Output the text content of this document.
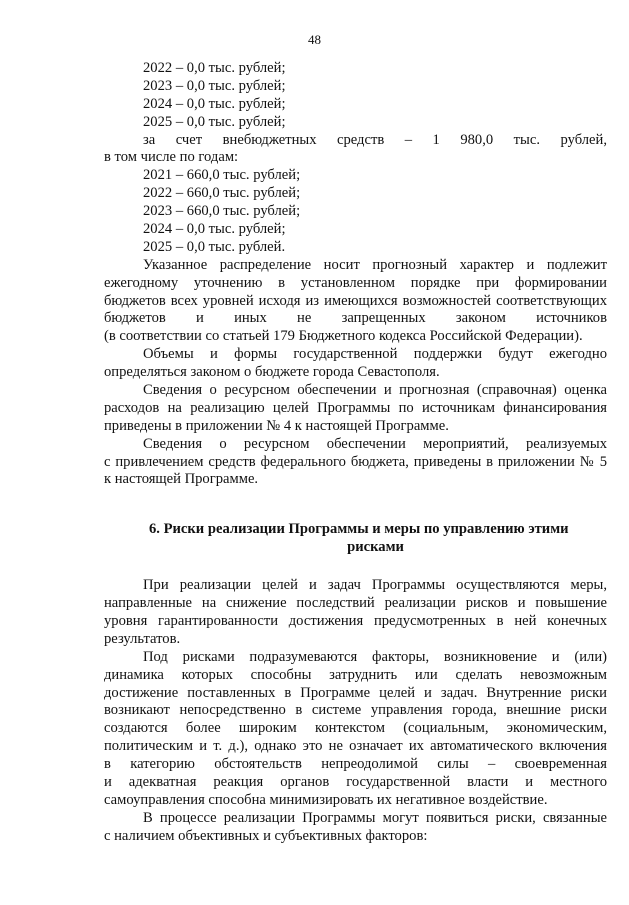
48
2022 – 0,0 тыс. рублей;
2023 – 0,0 тыс. рублей;
2024 – 0,0 тыс. рублей;
2025 – 0,0 тыс. рублей;
за счет внебюджетных средств – 1 980,0 тыс. рублей,
в том числе по годам:
2021 – 660,0 тыс. рублей;
2022 – 660,0 тыс. рублей;
2023 – 660,0 тыс. рублей;
2024 – 0,0 тыс. рублей;
2025 – 0,0 тыс. рублей.
Указанное распределение носит прогнозный характер и подлежит
ежегодному уточнению в установленном порядке при формировании
бюджетов всех уровней исходя из имеющихся возможностей соответствующих
бюджетов и иных не запрещенных законом источников
(в соответствии со статьей 179 Бюджетного кодекса Российской Федерации).
Объемы и формы государственной поддержки будут ежегодно
определяться законом о бюджете города Севастополя.
Сведения о ресурсном обеспечении и прогнозная (справочная) оценка
расходов на реализацию целей Программы по источникам финансирования
приведены в приложении № 4 к настоящей Программе.
Сведения о ресурсном обеспечении мероприятий, реализуемых
с привлечением средств федерального бюджета, приведены в приложении № 5
к настоящей Программе.
6. Риски реализации Программы и меры по управлению этими
рисками
При реализации целей и задач Программы осуществляются меры,
направленные на снижение последствий реализации рисков и повышение
уровня гарантированности достижения предусмотренных в ней конечных
результатов.
Под рисками подразумеваются факторы, возникновение и (или)
динамика которых способны затруднить или сделать невозможным
достижение поставленных в Программе целей и задач. Внутренние риски
возникают непосредственно в системе управления города, внешние риски
создаются более широким контекстом (социальным, экономическим,
политическим и т. д.), однако это не означает их автоматического включения
в категорию обстоятельств непреодолимой силы – своевременная
и адекватная реакция органов государственной власти и местного
самоуправления способна минимизировать их негативное воздействие.
В процессе реализации Программы могут появиться риски, связанные
с наличием объективных и субъективных факторов:
